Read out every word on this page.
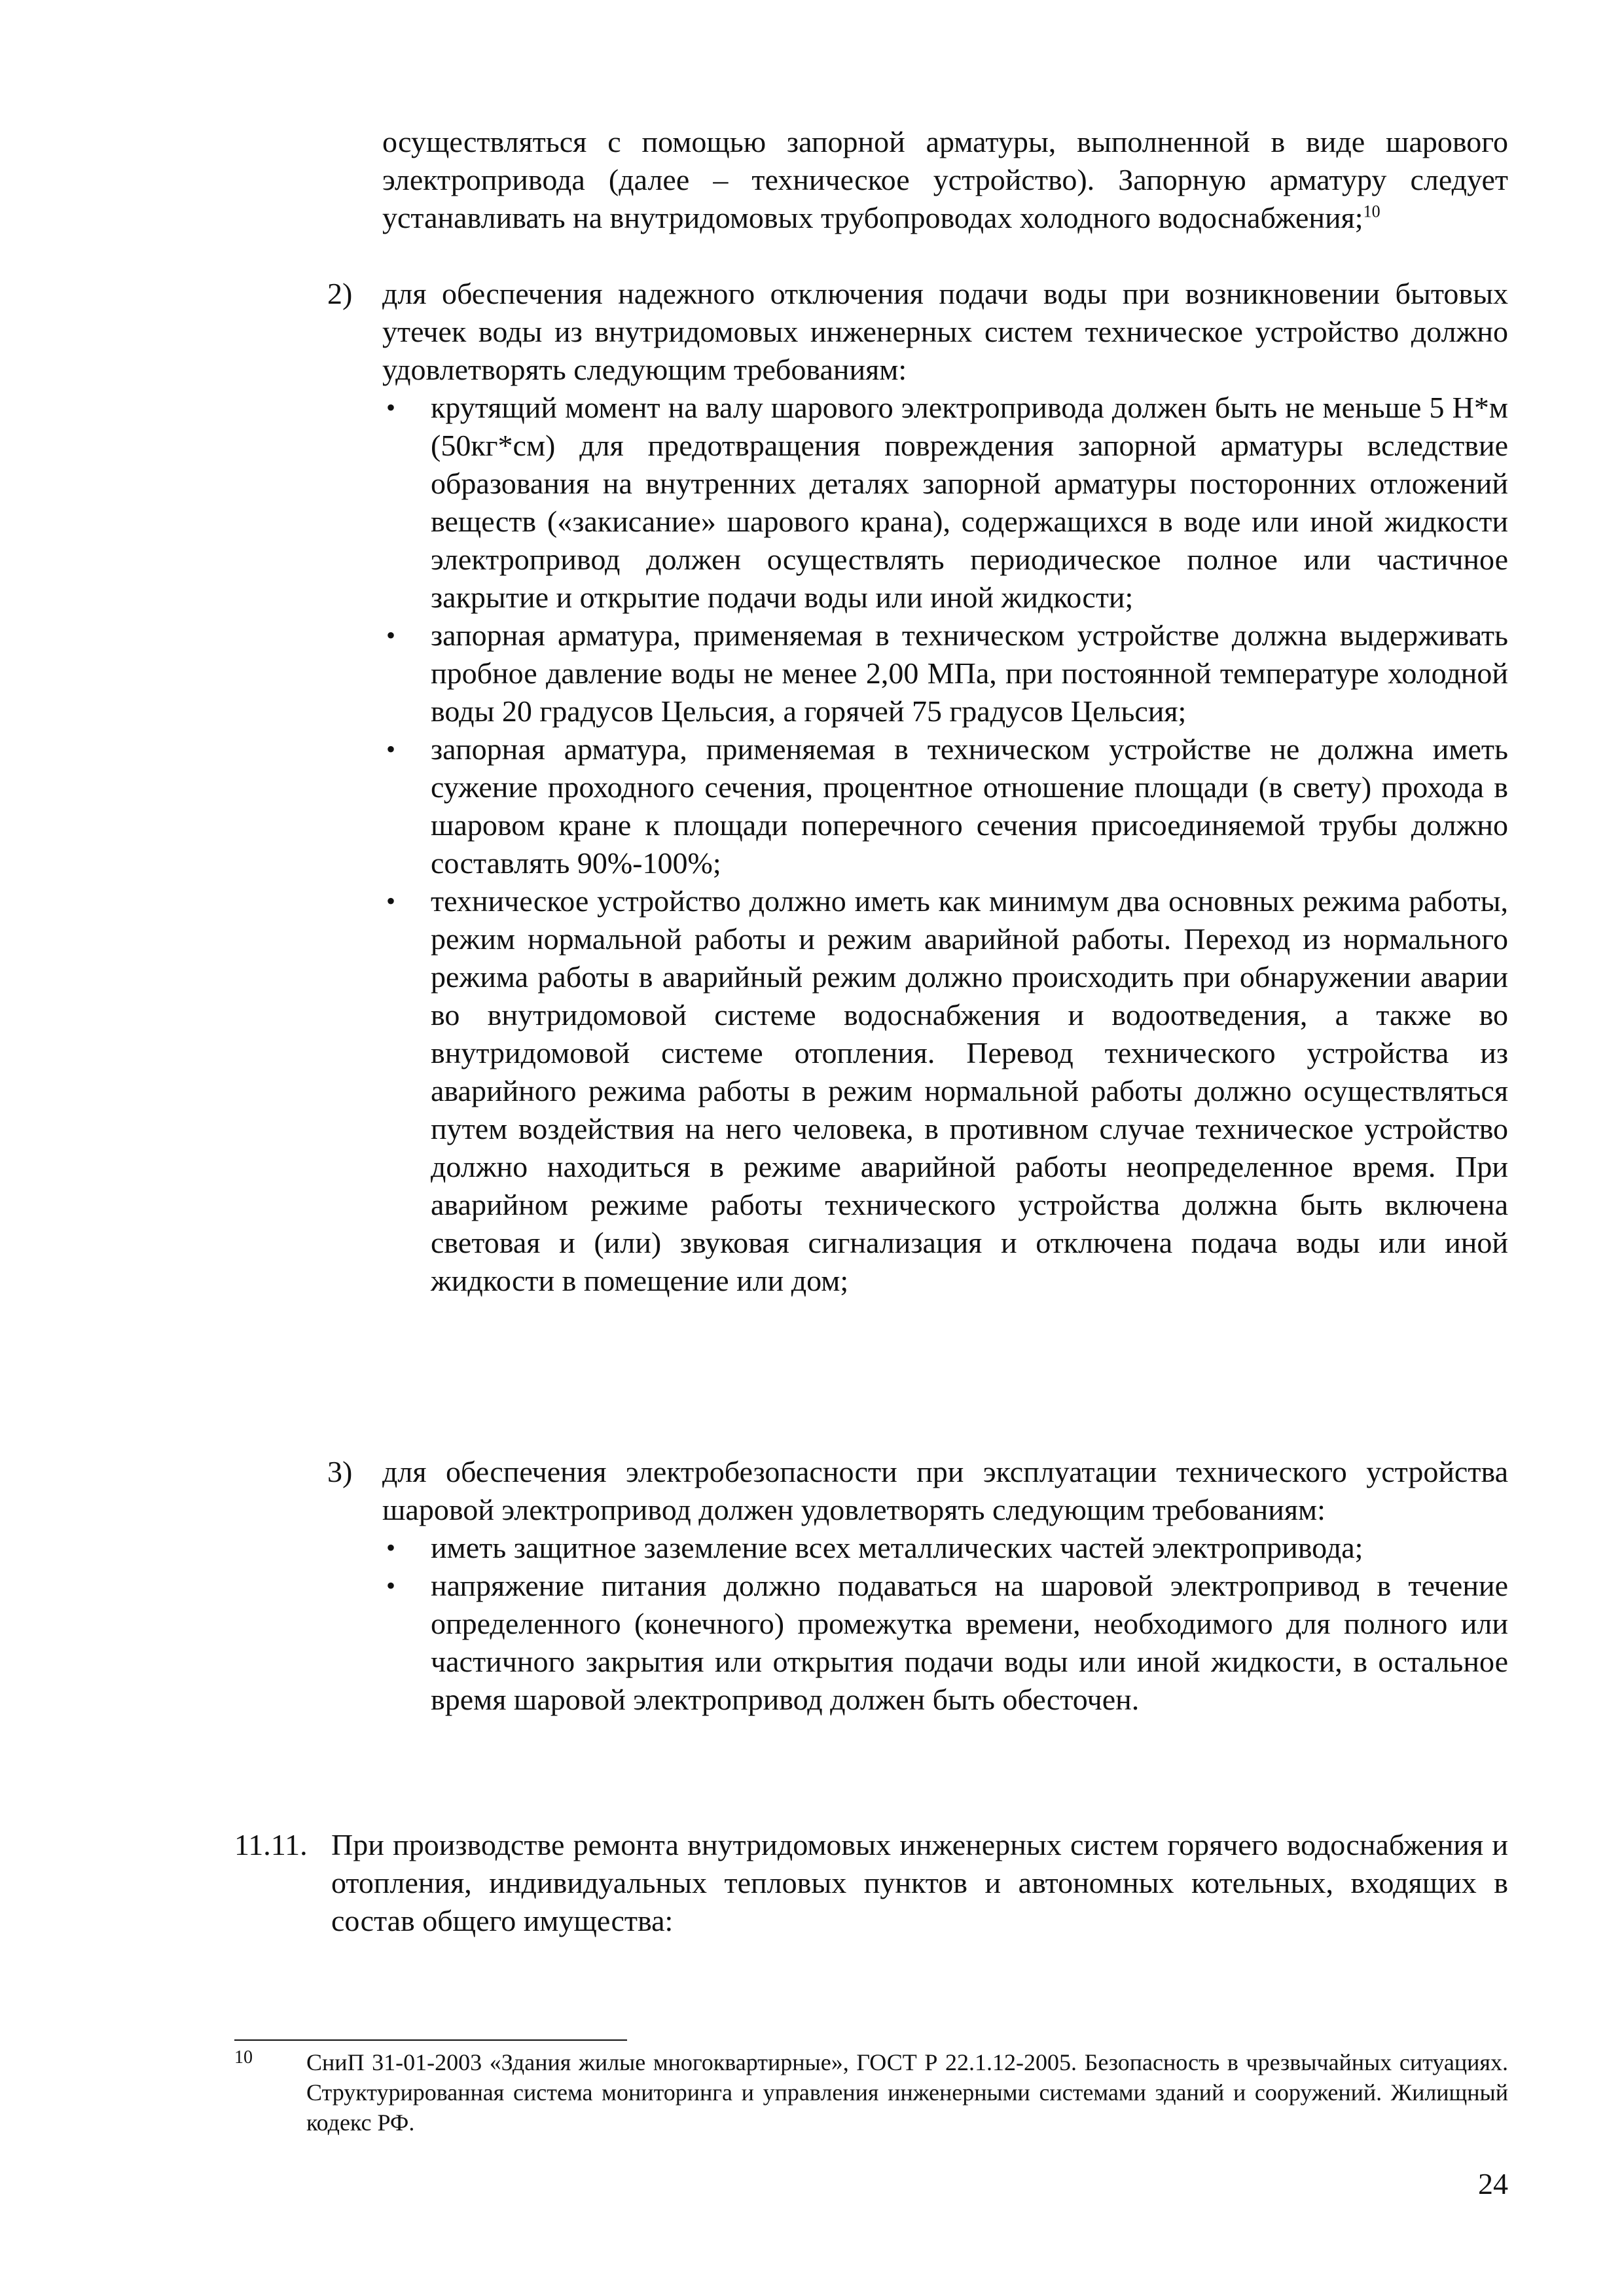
осуществляться с помощью запорной арматуры, выполненной в виде шарового электропривода (далее – техническое устройство). Запорную арматуру следует устанавливать на внутридомовых трубопроводах холодного водоснабжения;$^{10}$
2) для обеспечения надежного отключения подачи воды при возникновении бытовых утечек воды из внутридомовых инженерных систем техническое устройство должно удовлетворять следующим требованиям:
• крутящий момент на валу шарового электропривода должен быть не меньше 5 Н*м (50кг*см) для предотвращения повреждения запорной арматуры вследствие образования на внутренних деталях запорной арматуры посторонних отложений веществ («закисание» шарового крана), содержащихся в воде или иной жидкости электропривод должен осуществлять периодическое полное или частичное закрытие и открытие подачи воды или иной жидкости;
• запорная арматура, применяемая в техническом устройстве должна выдерживать пробное давление воды не менее 2,00 МПа, при постоянной температуре холодной воды 20 градусов Цельсия, а горячей 75 градусов Цельсия;
• запорная арматура, применяемая в техническом устройстве не должна иметь сужение проходного сечения, процентное отношение площади (в свету) прохода в шаровом кране к площади поперечного сечения присоединяемой трубы должно составлять 90%-100%;
• техническое устройство должно иметь как минимум два основных режима работы, режим нормальной работы и режим аварийной работы. Переход из нормального режима работы в аварийный режим должно происходить при обнаружении аварии во внутридомовой системе водоснабжения и водоотведения, а также во внутридомовой системе отопления. Перевод технического устройства из аварийного режима работы в режим нормальной работы должно осуществляться путем воздействия на него человека, в противном случае техническое устройство должно находиться в режиме аварийной работы неопределенное время. При аварийном режиме работы технического устройства должна быть включена световая и (или) звуковая сигнализация и отключена подача воды или иной жидкости в помещение или дом;
3) для обеспечения электробезопасности при эксплуатации технического устройства шаровой электропривод должен удовлетворять следующим требованиям:
• иметь защитное заземление всех металлических частей электропривода;
• напряжение питания должно подаваться на шаровой электропривод в течение определенного (конечного) промежутка времени, необходимого для полного или частичного закрытия или открытия подачи воды или иной жидкости, в остальное время шаровой электропривод должен быть обесточен.
11.11. При производстве ремонта внутридомовых инженерных систем горячего водоснабжения и отопления, индивидуальных тепловых пунктов и автономных котельных, входящих в состав общего имущества:
10 СниП 31-01-2003 «Здания жилые многоквартирные», ГОСТ Р 22.1.12-2005. Безопасность в чрезвычайных ситуациях. Структурированная система мониторинга и управления инженерными системами зданий и сооружений. Жилищный кодекс РФ.
24
